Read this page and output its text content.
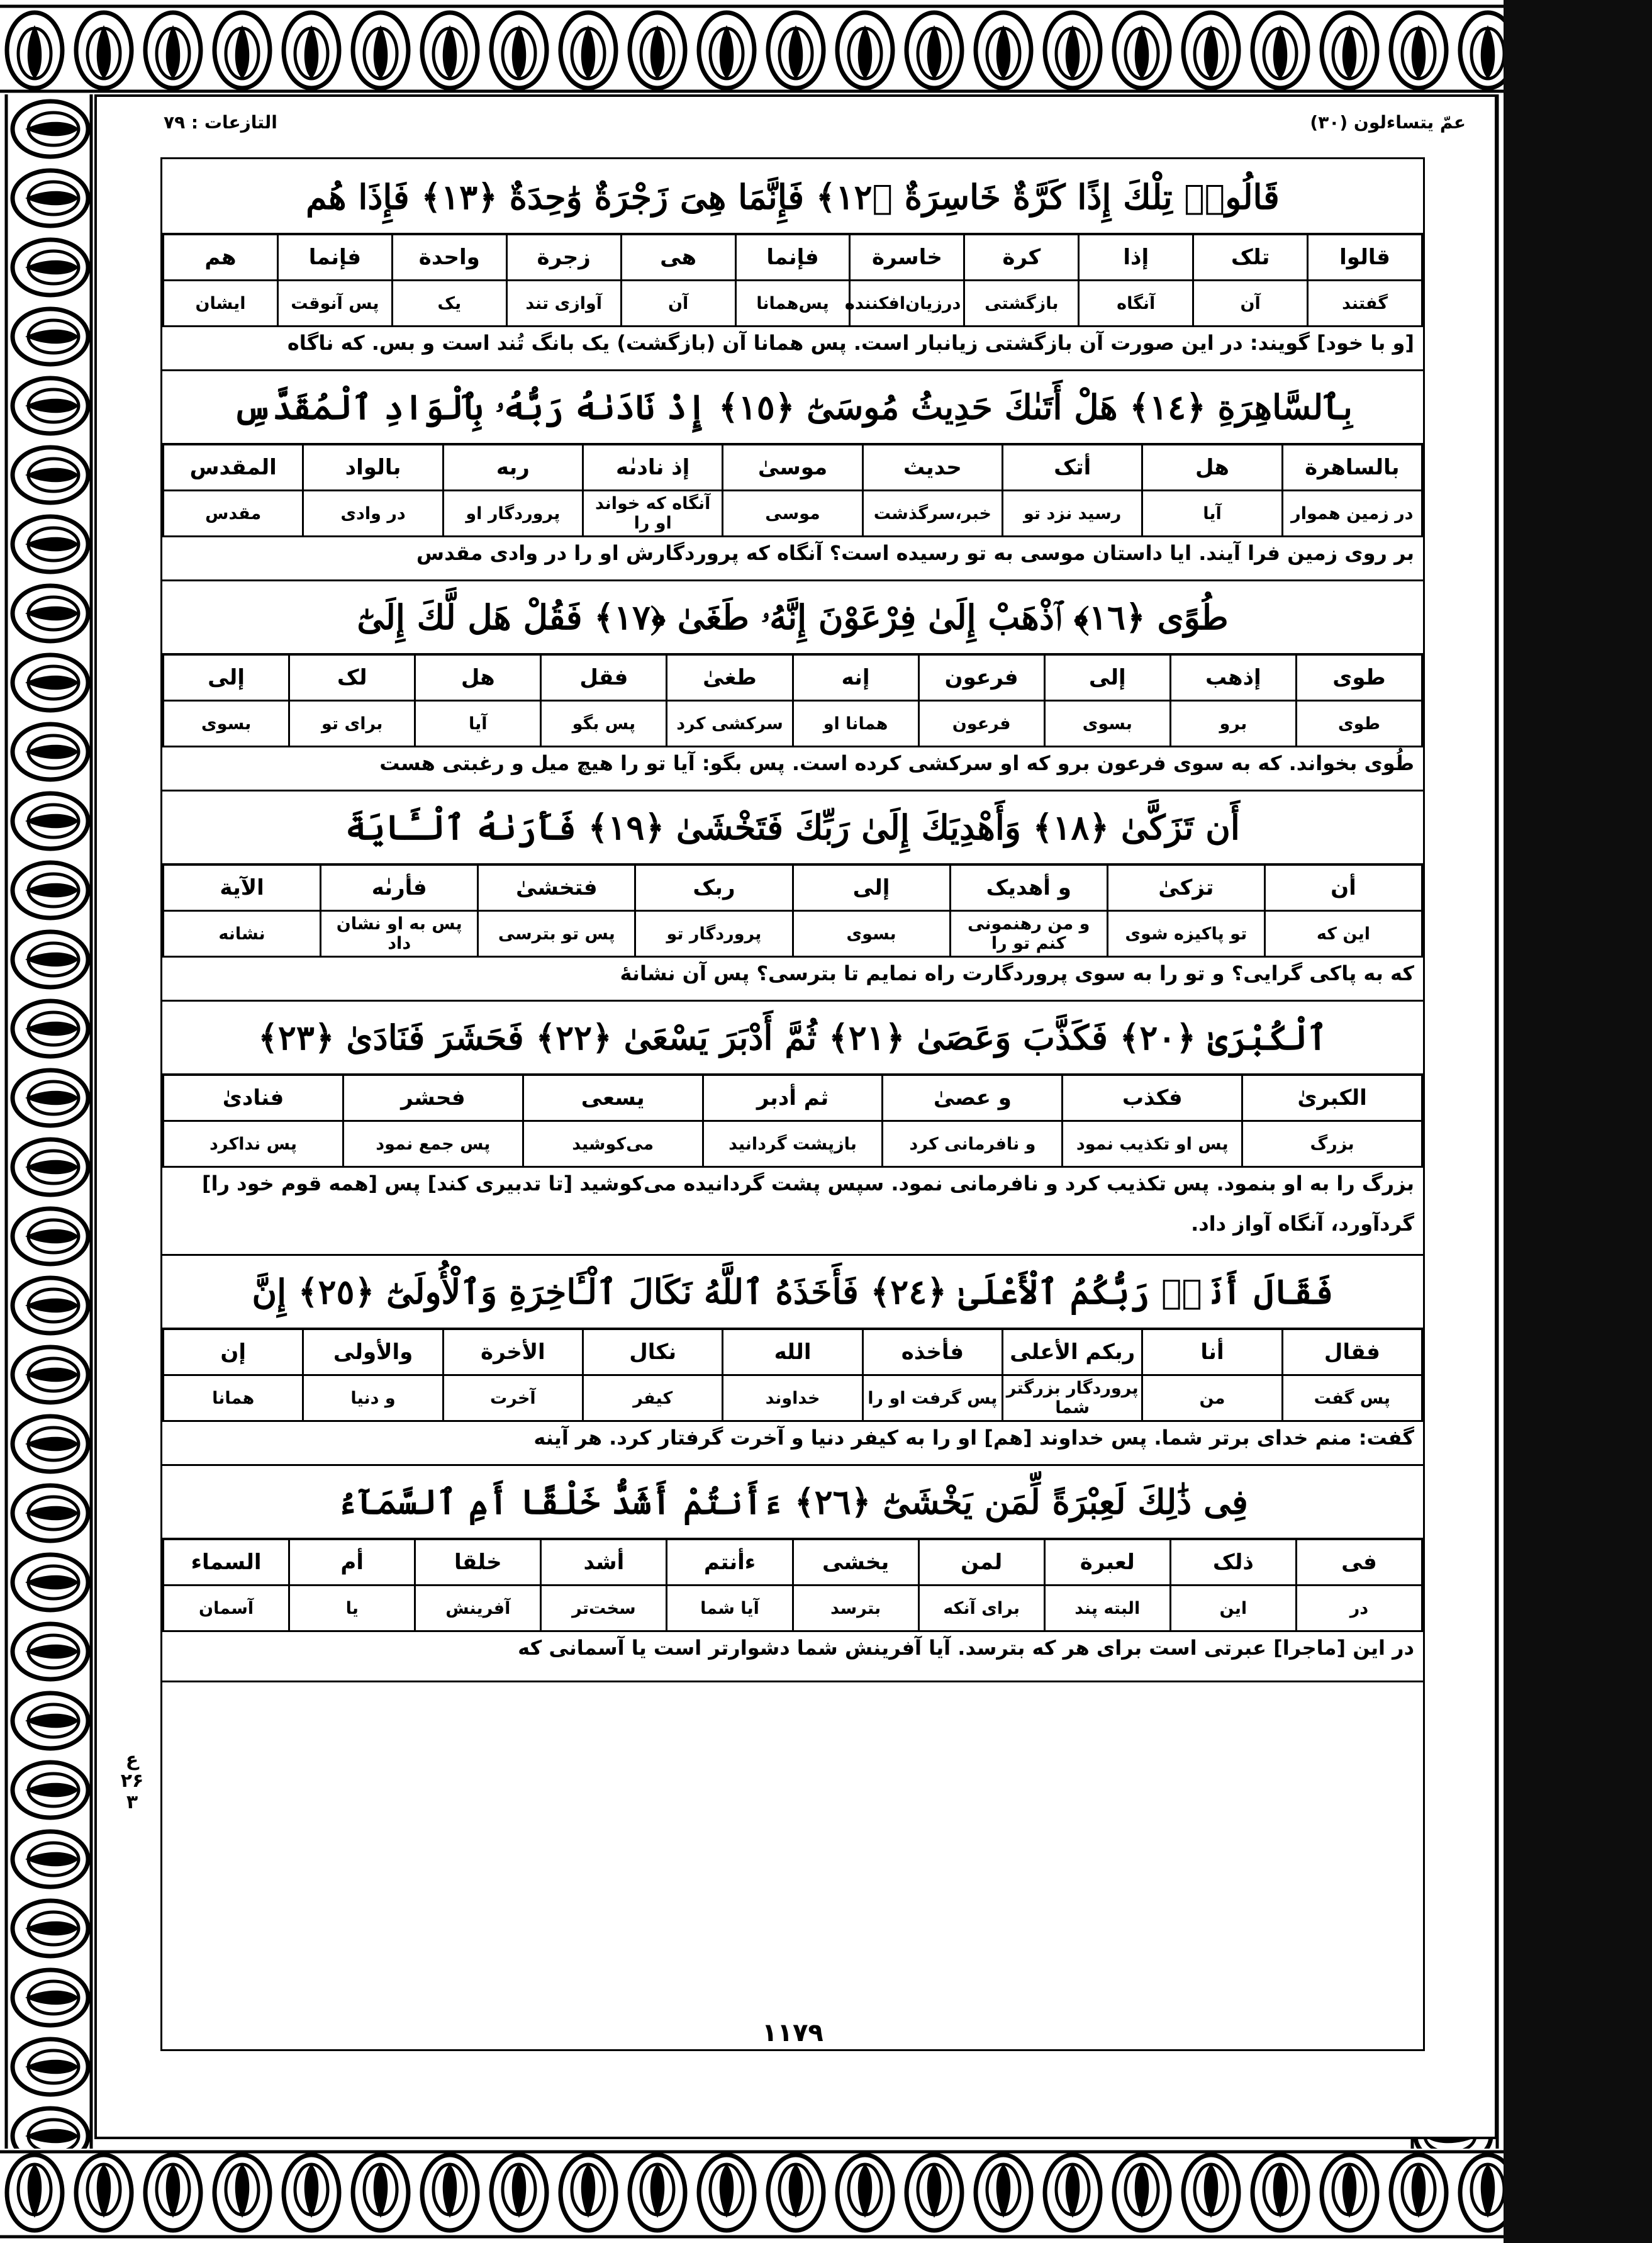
عمّ یتساءلون (۳۰)
التازعات : ۷۹
ع
۲۶
۳
۱۱۷۹
قَالُوا۟ تِلْكَ إِذًا كَرَّةٌ خَاسِرَةٌ ﴿١٢﴾ فَإِنَّمَا هِىَ زَجْرَةٌ وَٰحِدَةٌ ﴿١٣﴾ فَإِذَا هُم
قالوا	تلک	إذا	کرة	خاسرة	فإنما	هی	زجرة	واحدة	فإنما	هم
گفتند	آن	آنگاه	بازگشتی	درزیان‌افکننده	پس‌همانا	آن	آوازی تند	یک	پس آنوقت	ایشان
[و با خود] گویند: در این صورت آن بازگشتی زیانبار است. پس همانا آن (بازگشت) یک بانگ تُند است و بس. که ناگاه
بِٱلسَّاهِرَةِ ﴿١٤﴾ هَلْ أَتَىٰكَ حَدِيثُ مُوسَىٰٓ ﴿١٥﴾ إِذْ نَادَىٰهُ رَبُّهُۥ بِٱلْوَادِ ٱلْمُقَدَّسِ
بالساهرة	هل	أتک	حدیث	موسیٰ	إذ نادىٰه	ربه	بالواد	المقدس
در زمین هموار	آیا	رسید نزد تو	خبر،سرگذشت	موسی	آنگاه که خواند او را	پروردگار او	در وادی	مقدس
بر روی زمین فرا آیند. ایا داستان موسی به تو رسیده است؟ آنگاه که پروردگارش او را در وادی مقدس
طُوًى ﴿١٦﴾ ٱذْهَبْ إِلَىٰ فِرْعَوْنَ إِنَّهُۥ طَغَىٰ ﴿١٧﴾ فَقُلْ هَل لَّكَ إِلَىٰٓ
طوی	إذهب	إلی	فرعون	إنه	طغیٰ	فقل	هل	لک	إلی
طوی	برو	بسوی	فرعون	همانا او	سرکشی کرد	پس بگو	آیا	برای تو	بسوی
طُوی بخواند. که به سوی فرعون برو که او سرکشی کرده است. پس بگو: آیا تو را هیچ میل و رغبتی هست
أَن تَزَكَّىٰ ﴿١٨﴾ وَأَهْدِيَكَ إِلَىٰ رَبِّكَ فَتَخْشَىٰ ﴿١٩﴾ فَأَرَىٰهُ ٱلْـَٔايَةَ
أن	تزکیٰ	و أهدیک	إلی	ربک	فتخشیٰ	فأرىٰه	الآیة
این که	تو پاکیزه شوی	و من رهنمونی کنم تو را	بسوی	پروردگار تو	پس تو بترسی	پس به او نشان داد	نشانه
که به پاکی گرایی؟ و تو را به سوی پروردگارت راه نمایم تا بترسی؟ پس آن نشانهٔ
ٱلْكُبْرَىٰ ﴿٢٠﴾ فَكَذَّبَ وَعَصَىٰ ﴿٢١﴾ ثُمَّ أَدْبَرَ يَسْعَىٰ ﴿٢٢﴾ فَحَشَرَ فَنَادَىٰ ﴿٢٣﴾
الکبریٰ	فکذب	و عصیٰ	ثم أدبر	یسعی	فحشر	فنادیٰ
بزرگ	پس او تکذیب نمود	و نافرمانی کرد	بازپشت گردانید	می‌کوشید	پس جمع نمود	پس نداکرد
بزرگ را به او بنمود. پس تکذیب کرد و نافرمانی نمود. سپس پشت گردانیده می‌کوشید [تا تدبیری کند] پس [همه قوم خود را] گردآورد، آنگاه آواز داد.
فَقَالَ أَنَا۠ رَبُّكُمُ ٱلْأَعْلَىٰ ﴿٢٤﴾ فَأَخَذَهُ ٱللَّهُ نَكَالَ ٱلْـَٔاخِرَةِ وَٱلْأُولَىٰٓ ﴿٢٥﴾ إِنَّ
فقال	أنا	ربکم الأعلی	فأخذه	الله	نکال	الأخرة	والأولی	إن
پس گفت	من	پروردگار بزرگتر شما	پس گرفت او را	خداوند	کیفر	آخرت	و دنیا	همانا
گفت: منم خدای برتر شما. پس خداوند [هم] او را به کیفر دنیا و آخرت گرفتار کرد. هر آینه
فِى ذَٰلِكَ لَعِبْرَةً لِّمَن يَخْشَىٰٓ ﴿٢٦﴾ ءَأَنتُمْ أَشَدُّ خَلْقًا أَمِ ٱلسَّمَآءُ
فی	ذلک	لعبرة	لمن	یخشی	ءأنتم	أشد	خلقا	أم	السماء
در	این	البته پند	برای آنکه	بترسد	آیا شما	سخت‌تر	آفرینش	یا	آسمان
در این [ماجرا] عبرتی است برای هر که بترسد. آیا آفرینش شما دشوارتر است یا آسمانی که
